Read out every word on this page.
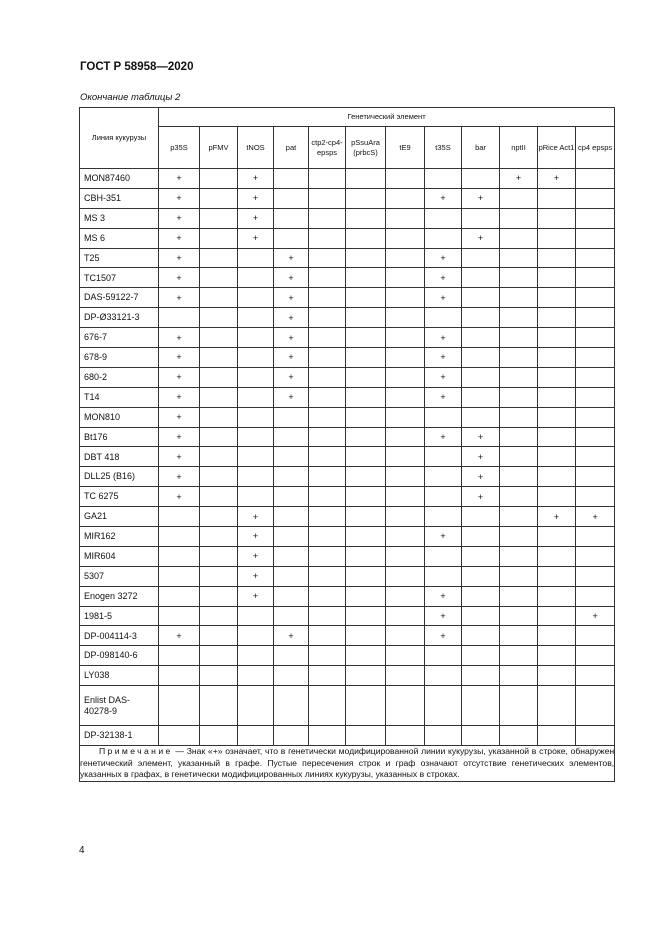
ГОСТ Р 58958—2020
Окончание таблицы 2
Линия кукурузы	Генетический элемент											
	p35S	pFMV	tNOS	pat	ctp2-cp4-epsps	pSsuAra (prbcS)	tE9	t35S	bar	nptII	pRice Act1	cp4 epsps
MON87460	+		+							+	+	
CBH-351	+		+					+	+			
MS 3	+		+									
MS 6	+		+						+			
T25	+			+				+				
TC1507	+			+				+				
DAS-59122-7	+			+				+				
DP-Ø33121-3				+								
676-7	+			+				+				
678-9	+			+				+				
680-2	+			+				+				
T14	+			+				+				
MON810	+											
Bt176	+							+	+			
DBT 418	+								+			
DLL25 (B16)	+								+			
TC 6275	+								+			
GA21			+								+	+
MIR162			+					+				
MIR604			+									
5307			+									
Enogen 3272			+					+				
1981-5								+				+
DP-004114-3	+			+				+				
DP-098140-6												
LY038												
Enlist DAS-40278-9												
DP-32138-1												
Примечание — Знак «+» означает, что в генетически модифицированной линии кукурузы, указанной в строке, обнаружен генетический элемент, указанный в графе. Пустые пересечения строк и граф означают отсутствие генетических элементов, указанных в графах, в генетически модифицированных линиях кукурузы, указанных в строках.												
4
